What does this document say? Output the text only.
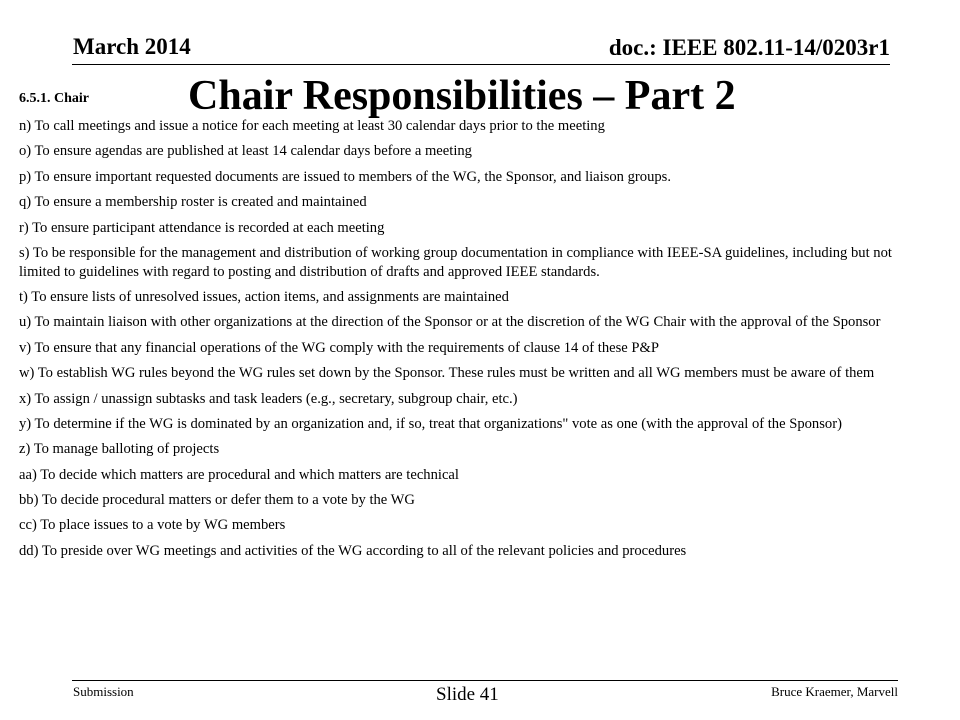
March 2014	doc.: IEEE 802.11-14/0203r1
6.5.1. Chair Chair Responsibilities – Part 2

n) To call meetings and issue a notice for each meeting at least 30 calendar days prior to the meeting

o) To ensure agendas are published at least 14 calendar days before a meeting

p) To ensure important requested documents are issued to members of the WG, the Sponsor, and liaison groups.

q) To ensure a membership roster is created and maintained

r) To ensure participant attendance is recorded at each meeting

s) To be responsible for the management and distribution of working group documentation in compliance with IEEE-SA guidelines, including but not limited to guidelines with regard to posting and distribution of drafts and approved IEEE standards.

t) To ensure lists of unresolved issues, action items, and assignments are maintained

u) To maintain liaison with other organizations at the direction of the Sponsor or at the discretion of the WG Chair with the approval of the Sponsor

v) To ensure that any financial operations of the WG comply with the requirements of clause 14 of these P&P

w) To establish WG rules beyond the WG rules set down by the Sponsor. These rules must be written and all WG members must be aware of them

x) To assign / unassign subtasks and task leaders (e.g., secretary, subgroup chair, etc.)

y) To determine if the WG is dominated by an organization and, if so, treat that organizations" vote as one (with the approval of the Sponsor)

z) To manage balloting of projects

aa) To decide which matters are procedural and which matters are technical

bb) To decide procedural matters or defer them to a vote by the WG

cc) To place issues to a vote by WG members

dd) To preside over WG meetings and activities of the WG according to all of the relevant policies and procedures

Submission	Slide 41	Bruce Kraemer, Marvell
